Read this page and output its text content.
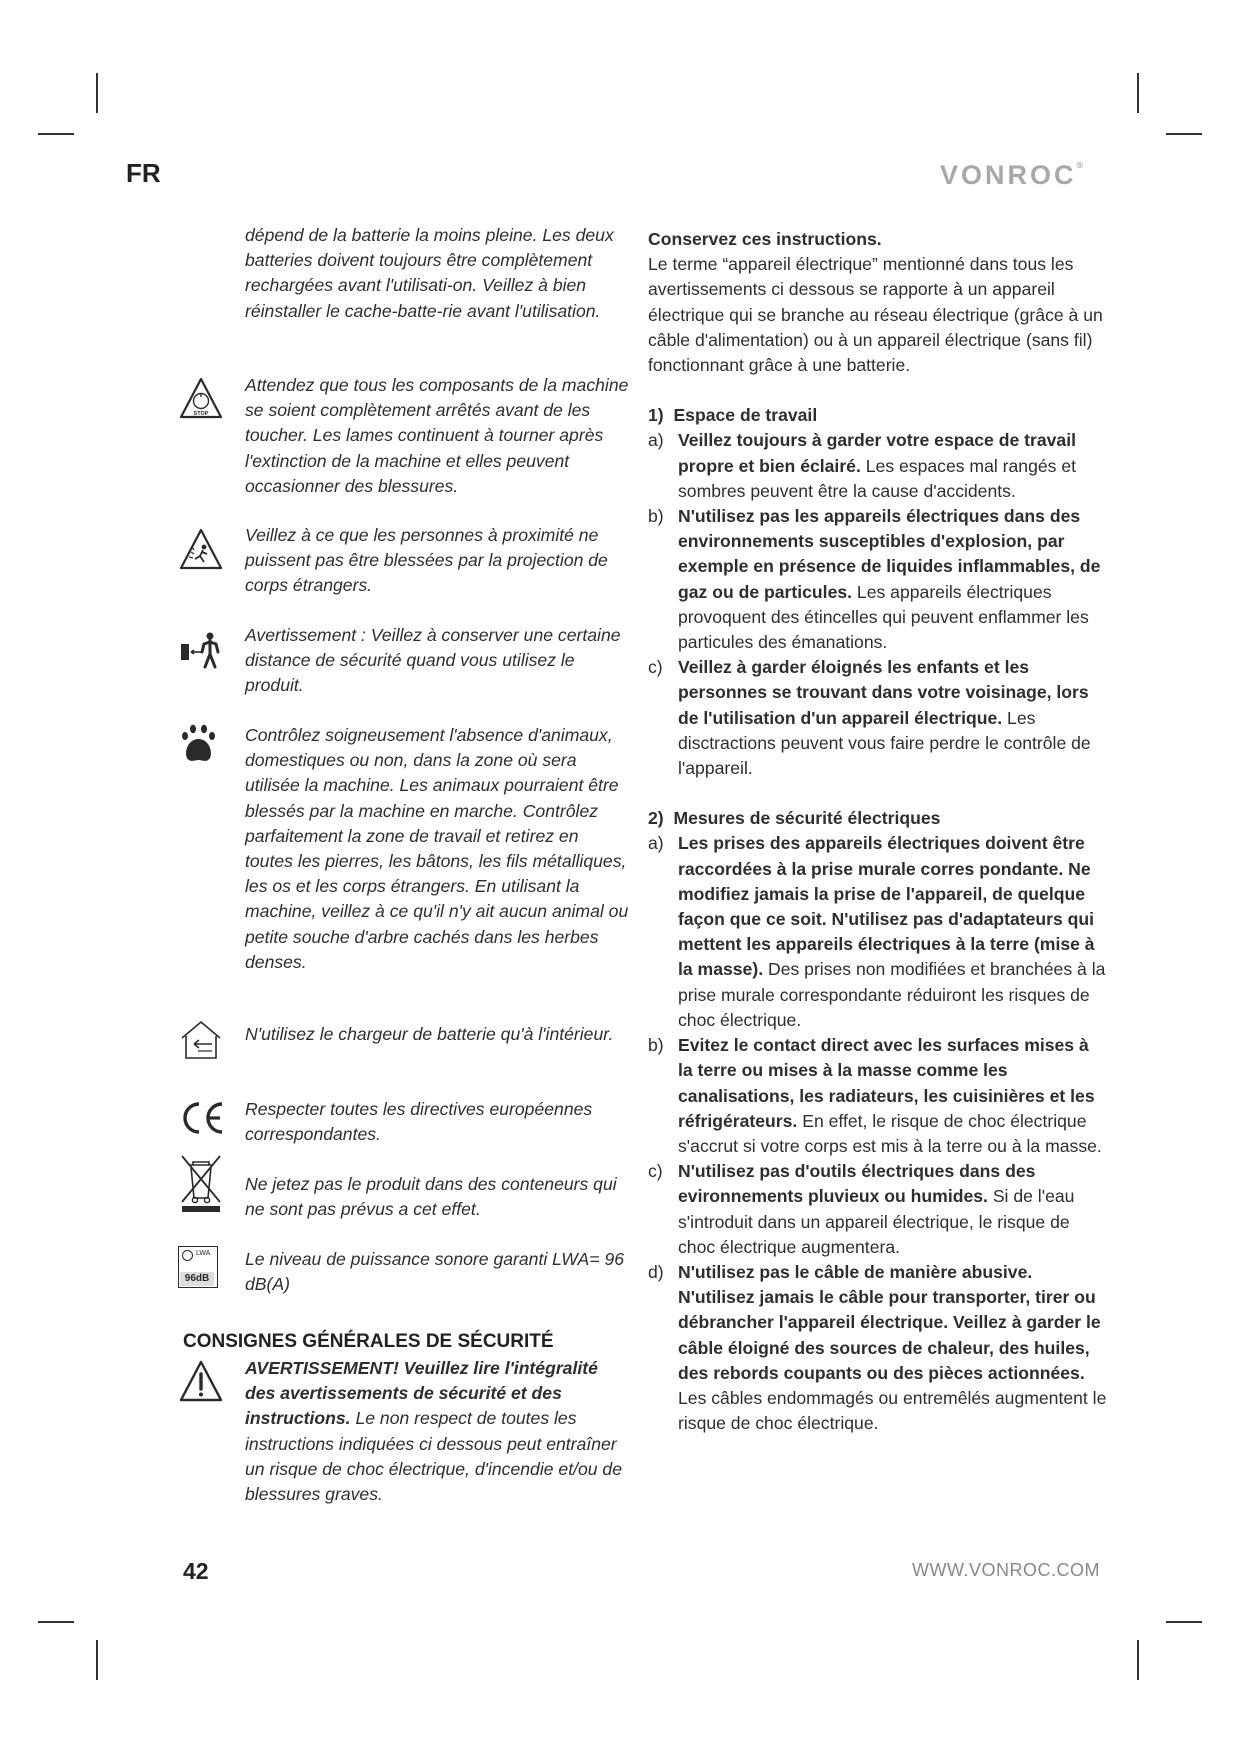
FR	VONROC®

dépend de la batterie la moins pleine. Les deux batteries doivent toujours être complètement rechargées avant l'utilisati-on. Veillez à bien réinstaller le cache-batte-rie avant l'utilisation.

STOP

Attendez que tous les composants de la machine se soient complètement arrêtés avant de les toucher. Les lames continuent à tourner après l'extinction de la machine et elles peuvent occasionner des blessures.

Veillez à ce que les personnes à proximité ne puissent pas être blessées par la projection de corps étrangers.

Avertissement : Veillez à conserver une certaine distance de sécurité quand vous utilisez le produit.

Contrôlez soigneusement l'absence d'animaux, domestiques ou non, dans la zone où sera utilisée la machine. Les animaux pourraient être blessés par la machine en marche. Contrôlez parfaitement la zone de travail et retirez en toutes les pierres, les bâtons, les fils métalliques, les os et les corps étrangers. En utilisant la machine, veillez à ce qu'il n'y ait aucun animal ou petite souche d'arbre cachés dans les herbes denses.

N'utilisez le chargeur de batterie qu'à l'intérieur.

Respecter toutes les directives européennes correspondantes.

Ne jetez pas le produit dans des conteneurs qui ne sont pas prévus a cet effet.

LWA
96dB

Le niveau de puissance sonore garanti LWA= 96 dB(A)

CONSIGNES GÉNÉRALES DE SÉCURITÉ
AVERTISSEMENT! Veuillez lire l'intégralité des avertissements de sécurité et des instructions. Le non respect de toutes les instructions indiquées ci dessous peut entraîner un risque de choc électrique, d'incendie et/ou de blessures graves.

Conservez ces instructions.

Le terme “appareil électrique” mentionné dans tous les avertissements ci dessous se rapporte à un appareil électrique qui se branche au réseau électrique (grâce à un câble d'alimentation) ou à un appareil électrique (sans fil) fonctionnant grâce à une batterie.

1) Espace de travail

a) Veillez toujours à garder votre espace de travail propre et bien éclairé. Les espaces mal rangés et sombres peuvent être la cause d'accidents.
b) N'utilisez pas les appareils électriques dans des environnements susceptibles d'explosion, par exemple en présence de liquides inflammables, de gaz ou de particules. Les appareils électriques provoquent des étincelles qui peuvent enflammer les particules des émanations.
c) Veillez à garder éloignés les enfants et les personnes se trouvant dans votre voisinage, lors de l'utilisation d'un appareil électrique. Les disctractions peuvent vous faire perdre le contrôle de l'appareil.

2) Mesures de sécurité électriques

a) Les prises des appareils électriques doivent être raccordées à la prise murale corres pondante. Ne modifiez jamais la prise de l'appareil, de quelque façon que ce soit. N'utilisez pas d'adaptateurs qui mettent les appareils électriques à la terre (mise à la masse). Des prises non modifiées et branchées à la prise murale correspondante réduiront les risques de choc électrique.
b) Evitez le contact direct avec les surfaces mises à la terre ou mises à la masse comme les canalisations, les radiateurs, les cuisinières et les réfrigérateurs. En effet, le risque de choc électrique s'accrut si votre corps est mis à la terre ou à la masse.
c) N'utilisez pas d'outils électriques dans des evironnements pluvieux ou humides. Si de l'eau s'introduit dans un appareil électrique, le risque de choc électrique augmentera.
d) N'utilisez pas le câble de manière abusive. N'utilisez jamais le câble pour transporter, tirer ou débrancher l'appareil électrique. Veillez à garder le câble éloigné des sources de chaleur, des huiles, des rebords coupants ou des pièces actionnées. Les câbles endommagés ou entremêlés augmentent le risque de choc électrique.
42	WWW.VONROC.COM
